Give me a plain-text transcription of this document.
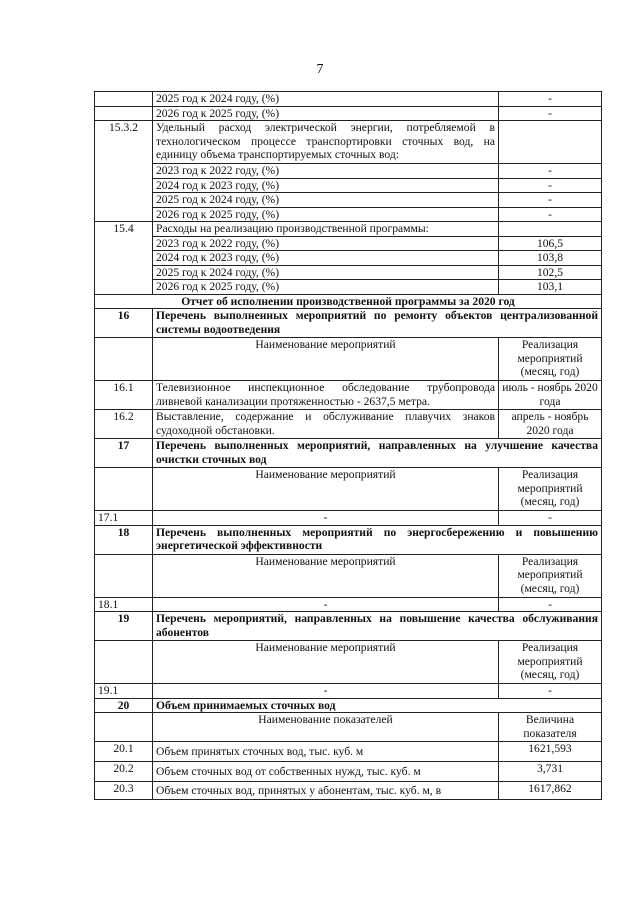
7
	2025 год к 2024 году, (%)	-
	2026 год к 2025 году, (%)	-
15.3.2	Удельный расход электрической энергии, потребляемой в технологическом процессе транспортировки сточных вод, на единицу объема транспортируемых сточных вод:	
	2023 год к 2022 году, (%)	-
	2024 год к 2023 году, (%)	-
	2025 год к 2024 году, (%)	-
	2026 год к 2025 году, (%)	-
15.4	Расходы на реализацию производственной программы:	
	2023 год к 2022 году, (%)	106,5
	2024 год к 2023 году, (%)	103,8
	2025 год к 2024 году, (%)	102,5
	2026 год к 2025 году, (%)	103,1
Отчет об исполнении производственной программы за 2020 год		
16	Перечень выполненных мероприятий по ремонту объектов централизованной системы водоотведения	
	Наименование мероприятий	Реализация мероприятий (месяц, год)
16.1	Телевизионное инспекционное обследование трубопровода ливневой канализации протяженностью - 2637,5 метра.	июль - ноябрь 2020 года
16.2	Выставление, содержание и обслуживание плавучих знаков судоходной обстановки.	апрель - ноябрь 2020 года
17	Перечень выполненных мероприятий, направленных на улучшение качества очистки сточных вод	
	Наименование мероприятий	Реализация мероприятий (месяц, год)
17.1	-	-
18	Перечень выполненных мероприятий по энергосбережению и повышению энергетической эффективности	
	Наименование мероприятий	Реализация мероприятий (месяц, год)
18.1	-	-
19	Перечень мероприятий, направленных на повышение качества обслуживания абонентов	
	Наименование мероприятий	Реализация мероприятий (месяц, год)
19.1	-	-
20	Объем принимаемых сточных вод	
	Наименование показателей	Величина показателя
20.1	Объем принятых сточных вод, тыс. куб. м	1621,593
20.2	Объем сточных вод от собственных нужд, тыс. куб. м	3,731
20.3	Объем сточных вод, принятых у абонентам, тыс. куб. м, в	1617,862
